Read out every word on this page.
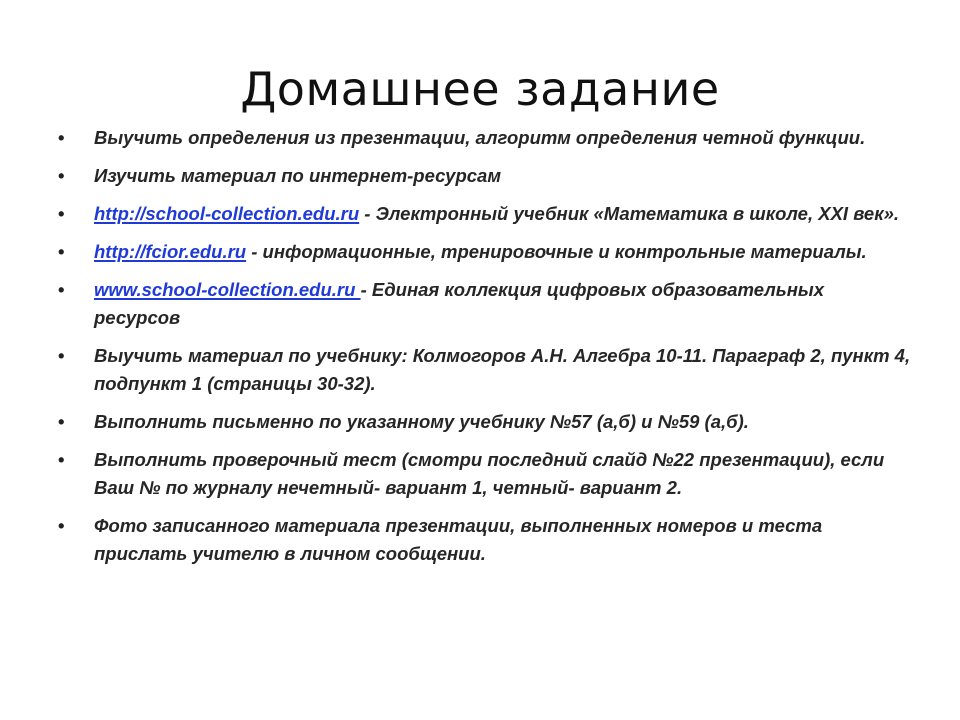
Домашнее задание
• Выучить определения из презентации, алгоритм определения четной функции.
• Изучить материал по интернет-ресурсам
• http://school-collection.edu.ru - Электронный учебник «Математика в школе, XXI век».
• http://fcior.edu.ru - информационные, тренировочные и контрольные материалы.
• www.school-collection.edu.ru - Единая коллекция цифровых образовательных ресурсов
• Выучить материал по учебнику: Колмогоров А.Н. Алгебра 10-11. Параграф 2, пункт 4, подпункт 1 (страницы 30-32).
• Выполнить письменно по указанному учебнику №57 (а,б) и №59 (а,б).
• Выполнить проверочный тест (смотри последний слайд №22 презентации), если Ваш № по журналу нечетный- вариант 1, четный- вариант 2.
• Фото записанного материала презентации, выполненных номеров и теста прислать учителю в личном сообщении.
